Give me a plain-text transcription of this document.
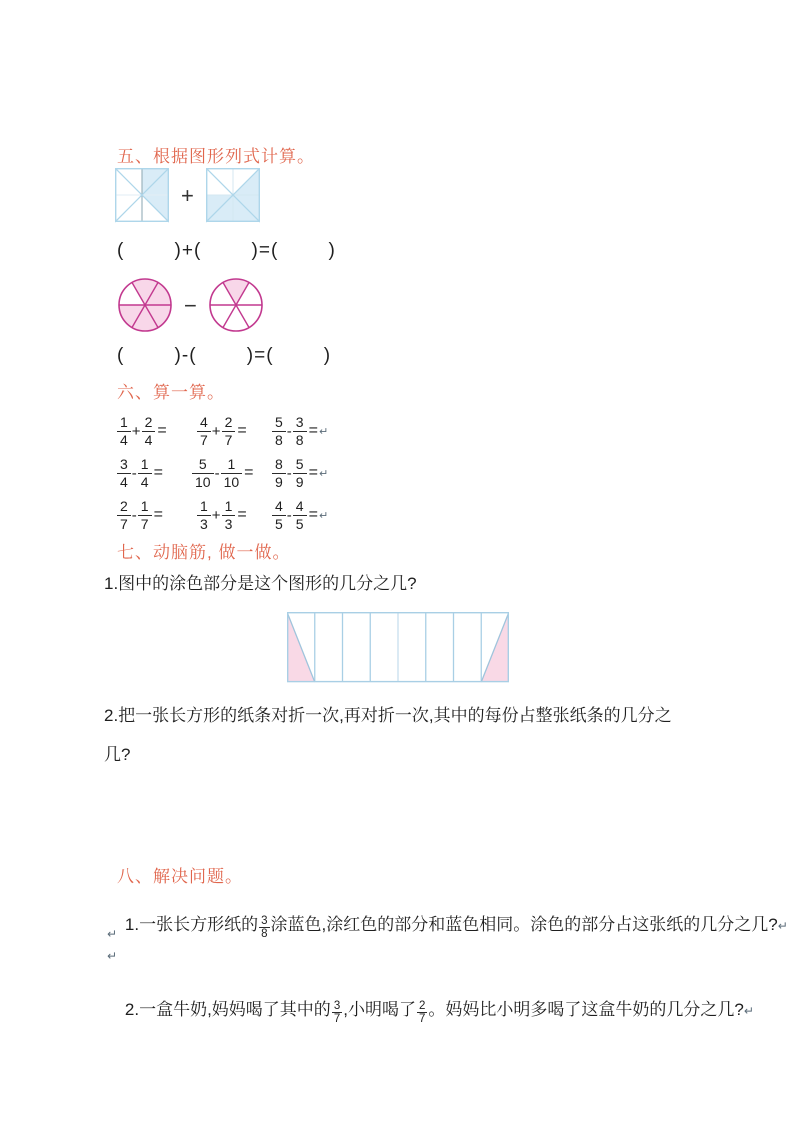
五、根据图形列式计算。
+
(        )+(        )=(        )
−
(        )-(        )=(        )
六、算一算。
$\frac{1}{4} + \frac{2}{4} = \frac{4}{7} + \frac{2}{7} = \frac{5}{8} - \frac{3}{8}$ = ↵
$\frac{3}{4} - \frac{1}{4} = \frac{5}{10} - \frac{1}{10} = \frac{8}{9} - \frac{5}{9}$ = ↵
$\frac{2}{7} - \frac{1}{7} = \frac{1}{3} + \frac{1}{3} = \frac{4}{5} - \frac{4}{5}$ = ↵
七、动脑筋, 做一做。
1.图中的涂色部分是这个图形的几分之几?
2.把一张长方形的纸条对折一次,再对折一次,其中的每份占整张纸条的几分之
几?
八、解决问题。

1.一张长方形纸的 $\frac{3}{8}$ 涂蓝色,涂红色的部分和蓝色相同。涂色的部分占这张纸的几分之几?↵

↵
↵

2.一盒牛奶,妈妈喝了其中的 $\frac{3}{7}$ ,小明喝了 $\frac{2}{7}$ 。妈妈比小明多喝了这盒牛奶的几分之几?↵
